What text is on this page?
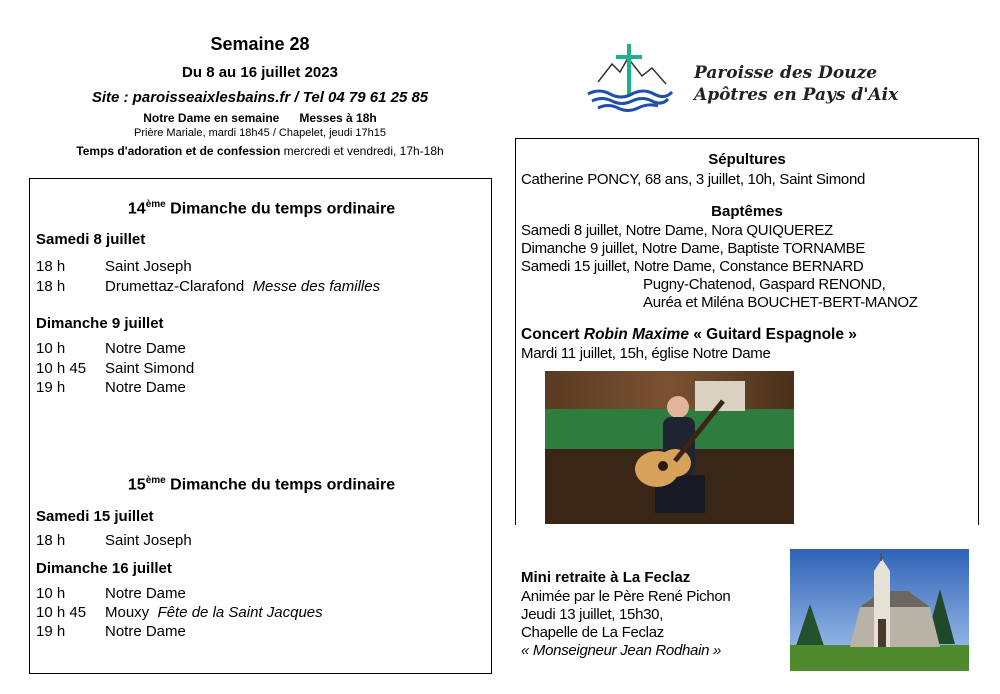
Semaine 28
Du 8 au 16 juillet 2023
Site : paroisseaixlesbains.fr / Tel 04 79 61 25 85
Notre Dame en semaine Messes à 18h
Prière Mariale, mardi 18h45 / Chapelet, jeudi 17h15
Temps d'adoration et de confession mercredi et vendredi, 17h-18h
Paroisse des Douze
Apôtres en Pays d'Aix
14ème Dimanche du temps ordinaire
Samedi 8 juillet
18 h	Saint Joseph
18 h	Drumettaz-Clarafond Messe des familles
Dimanche 9 juillet
10 h	Notre Dame
10 h 45 Saint Simond
19 h	Notre Dame
15ème Dimanche du temps ordinaire
Samedi 15 juillet
18 h	Saint Joseph
Dimanche 16 juillet
10 h	Notre Dame
10 h 45 Mouxy Fête de la Saint Jacques
19 h	Notre Dame
Sépultures
Catherine PONCY, 68 ans, 3 juillet, 10h, Saint Simond
Baptêmes
Samedi 8 juillet, Notre Dame, Nora QUIQUEREZ
Dimanche 9 juillet, Notre Dame, Baptiste TORNAMBE
Samedi 15 juillet, Notre Dame, Constance BERNARD
Pugny-Chatenod, Gaspard RENOND,
Auréa et Miléna BOUCHET-BERT-MANOZ
Concert Robin Maxime « Guitard Espagnole »
Mardi 11 juillet, 15h, église Notre Dame
Mini retraite à La Feclaz
Animée par le Père René Pichon
Jeudi 13 juillet, 15h30,
Chapelle de La Feclaz
« Monseigneur Jean Rodhain »
